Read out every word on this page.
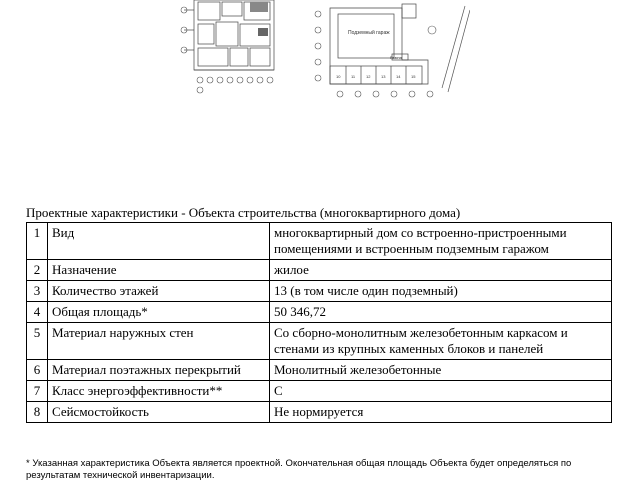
Подземный гараж
Рампа
10	11	12	13	14	15
Проектные характеристики - Объекта строительства (многоквартирного дома)
1	Вид	многоквартирный дом со встроенно-пристроенными помещениями и встроенным подземным гаражом
2	Назначение	жилое
3	Количество этажей	13 (в том числе один подземный)
4	Общая площадь*	50 346,72
5	Материал наружных стен	Со сборно-монолитным железобетонным каркасом и стенами из крупных каменных блоков и панелей
6	Материал поэтажных перекрытий	Монолитный железобетонные
7	Класс энергоэффективности**	С
8	Сейсмостойкость	Не нормируется
* Указанная характеристика Объекта является проектной. Окончательная общая площадь Объекта будет определяться по результатам технической инвентаризации.
